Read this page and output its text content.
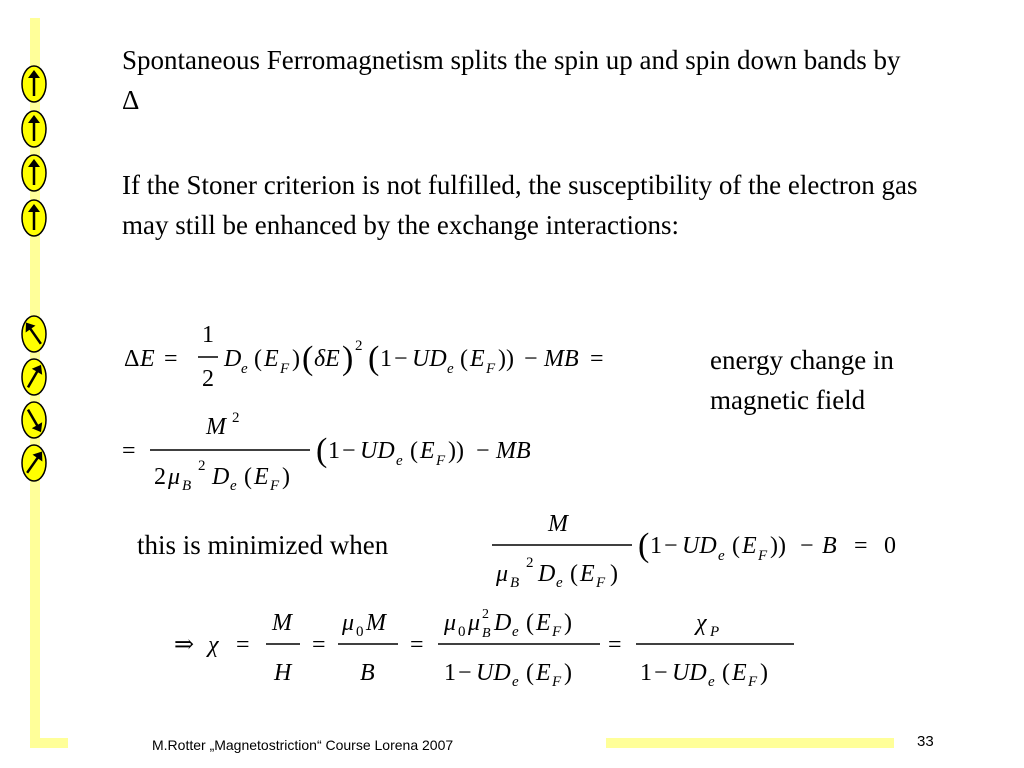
Spontaneous Ferromagnetism splits the spin up and spin down bands by Δ

If the Stoner criterion is not fulfilled, the susceptibility of the electron gas may still be enhanced by the exchange interactions:

Δ E =
1
2
D e ( E F ) ( δE ) 2 ( 1 − UD e ( E F )) − MB =	energy change in magnetic field
=
M 2
2 μ B
2 D e ( E F )
( 1 − UD e ( E F )) − MB
this is minimized when
M
μ B
2 D e ( E F )
( 1 − UD e ( E F )) − B = 0
⇒ χ =
M
H
=
μ 0 M
B
=
μ 0 μ B
2 D e ( E F )
1 − UD e ( E F )
=
χ P
1 − UD e ( E F )
M.Rotter „Magnetostriction“ Course Lorena 2007	33
